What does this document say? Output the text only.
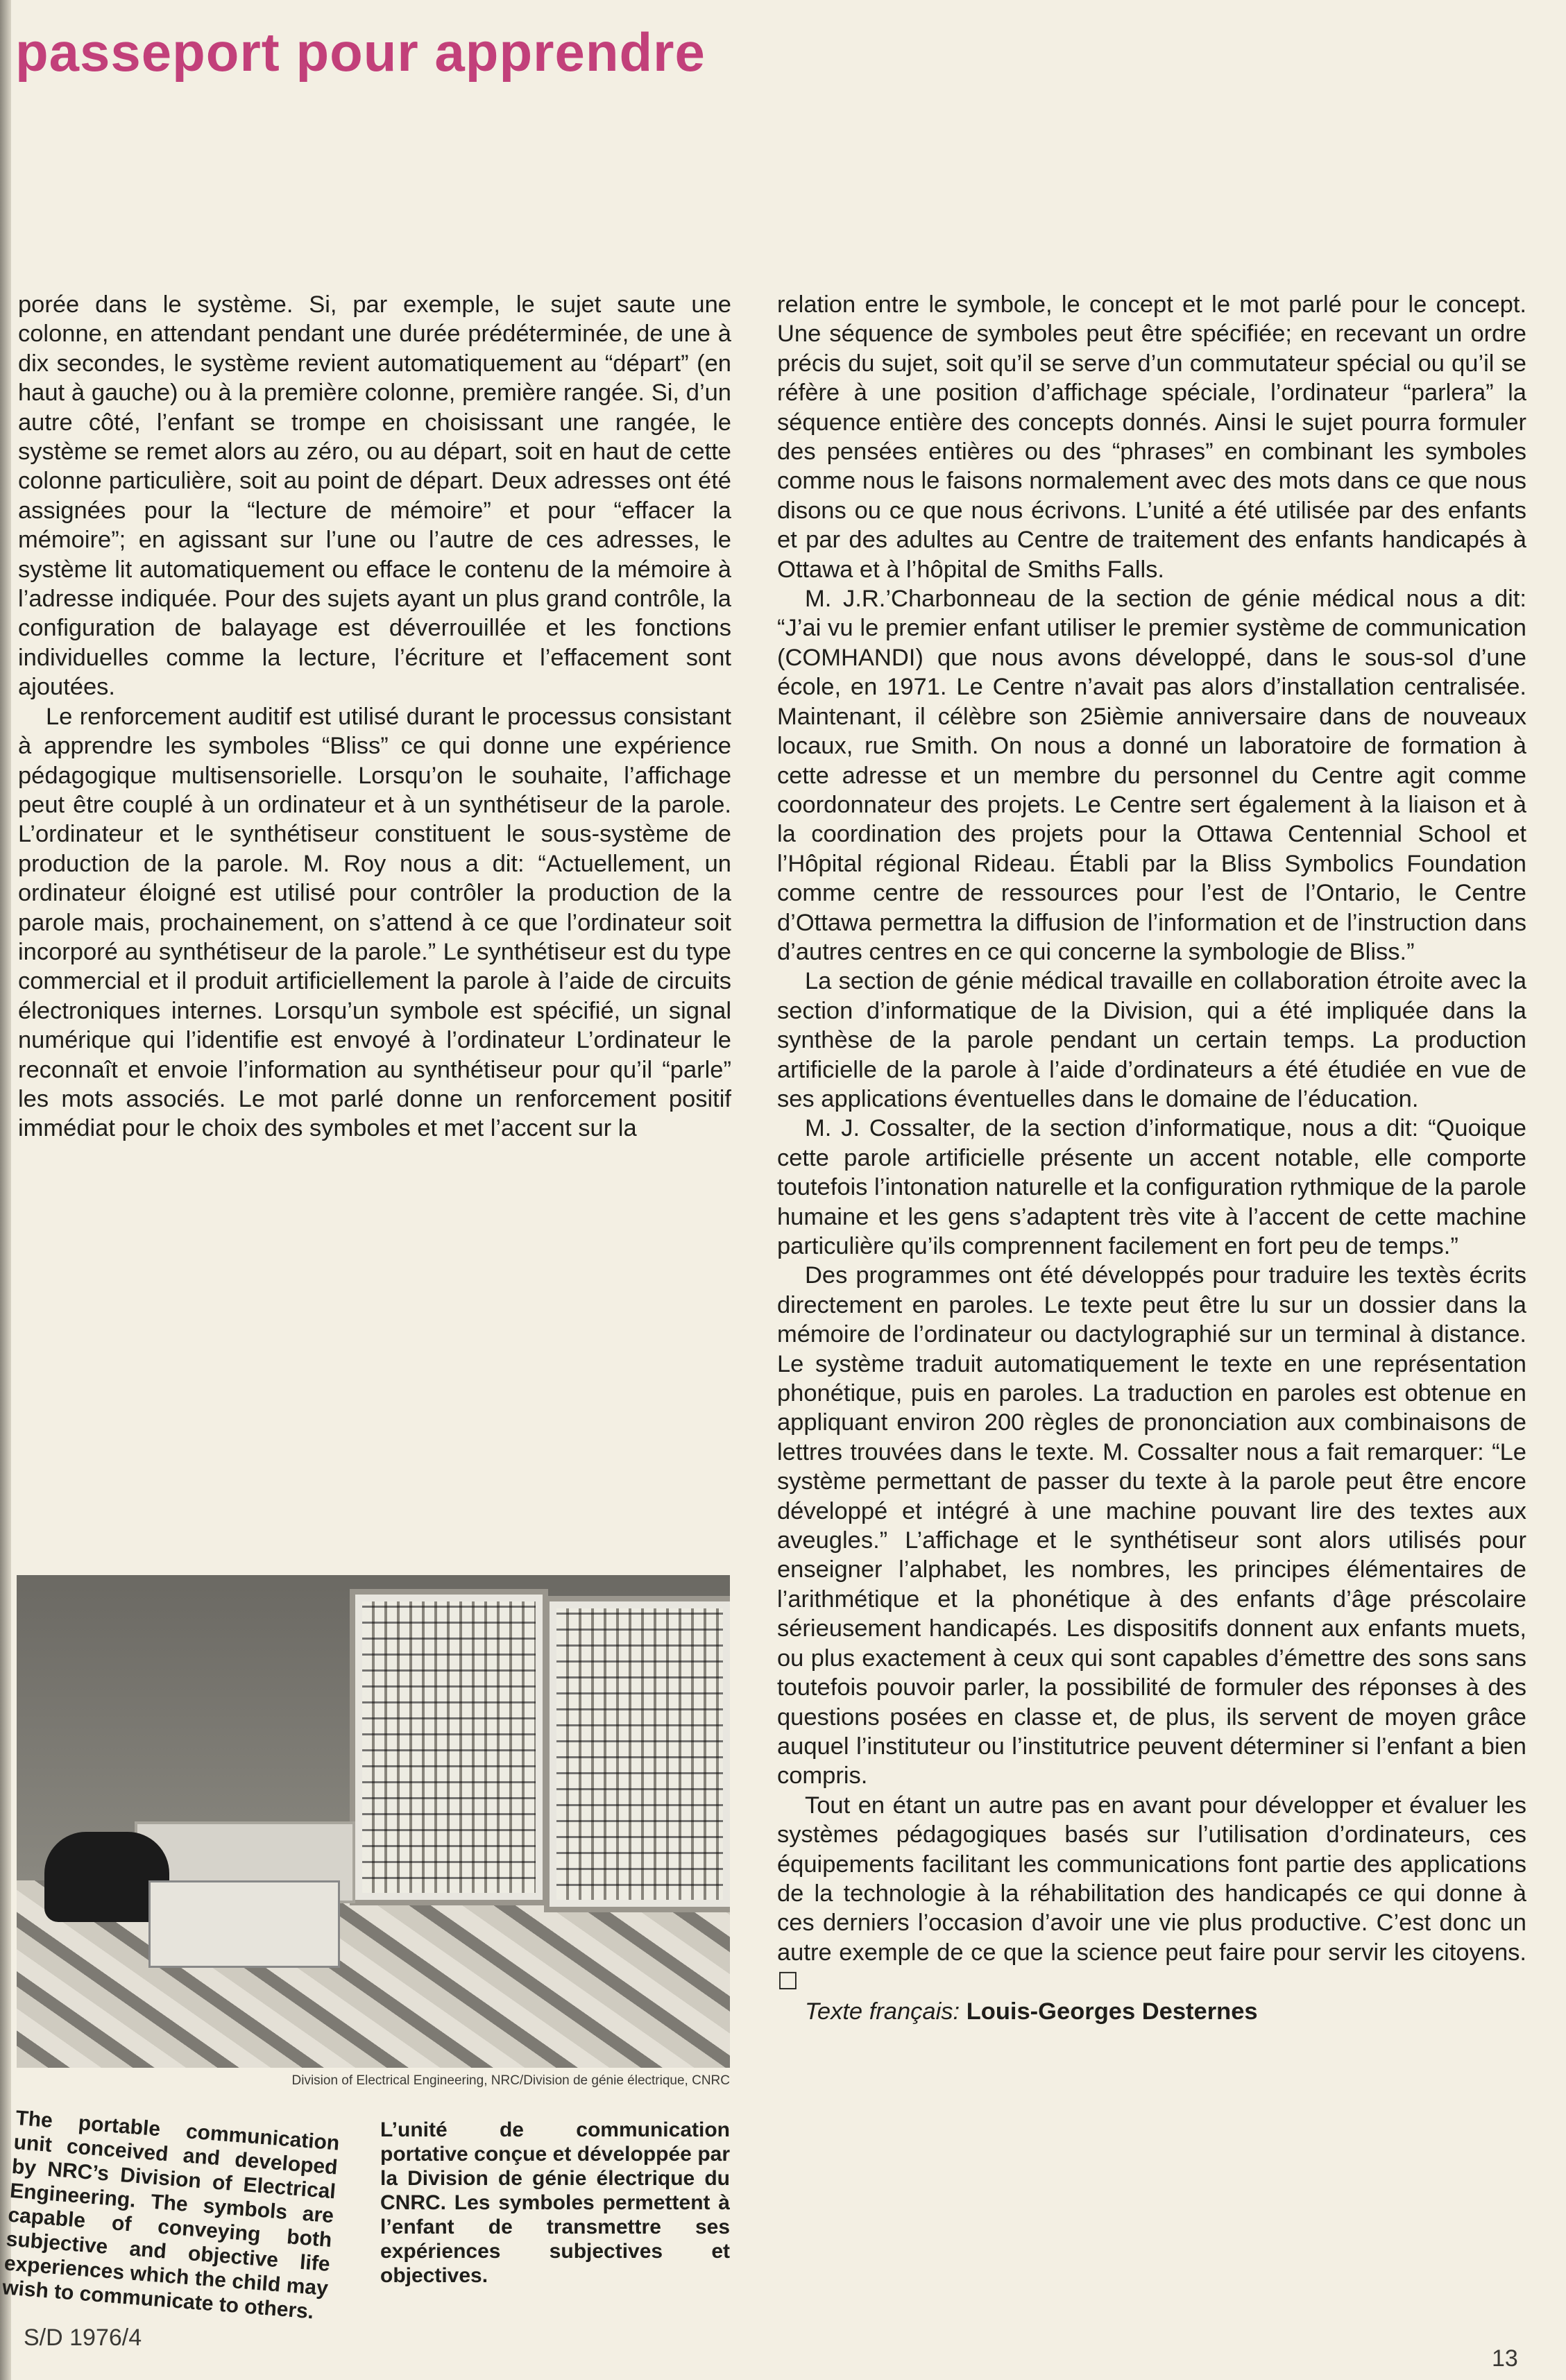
passeport pour apprendre

porée dans le système. Si, par exemple, le sujet saute une colonne, en attendant pendant une durée prédéterminée, de une à dix secondes, le système revient automatiquement au “départ” (en haut à gauche) ou à la première colonne, première rangée. Si, d’un autre côté, l’enfant se trompe en choisissant une rangée, le système se remet alors au zéro, ou au départ, soit en haut de cette colonne particulière, soit au point de départ. Deux adresses ont été assignées pour la “lecture de mémoire” et pour “effacer la mémoire”; en agissant sur l’une ou l’autre de ces adresses, le système lit automatiquement ou efface le contenu de la mémoire à l’adresse indiquée. Pour des sujets ayant un plus grand contrôle, la configuration de balayage est déverrouillée et les fonctions individuelles comme la lecture, l’écriture et l’effacement sont ajoutées.

Le renforcement auditif est utilisé durant le processus consistant à apprendre les symboles “Bliss” ce qui donne une expérience pédagogique multisensorielle. Lorsqu’on le souhaite, l’affichage peut être couplé à un ordinateur et à un synthétiseur de la parole. L’ordinateur et le synthétiseur constituent le sous-système de production de la parole. M. Roy nous a dit: “Actuellement, un ordinateur éloigné est utilisé pour contrôler la production de la parole mais, prochainement, on s’attend à ce que l’ordinateur soit incorporé au synthétiseur de la parole.” Le synthétiseur est du type commercial et il produit artificiellement la parole à l’aide de circuits électroniques internes. Lorsqu’un symbole est spécifié, un signal numérique qui l’identifie est envoyé à l’ordinateur L’ordinateur le reconnaît et envoie l’information au synthétiseur pour qu’il “parle” les mots associés. Le mot parlé donne un renforcement positif immédiat pour le choix des symboles et met l’accent sur la

relation entre le symbole, le concept et le mot parlé pour le concept. Une séquence de symboles peut être spécifiée; en recevant un ordre précis du sujet, soit qu’il se serve d’un commutateur spécial ou qu’il se réfère à une position d’affichage spéciale, l’ordinateur “parlera” la séquence entière des concepts donnés. Ainsi le sujet pourra formuler des pensées entières ou des “phrases” en combinant les symboles comme nous le faisons normalement avec des mots dans ce que nous disons ou ce que nous écrivons. L’unité a été utilisée par des enfants et par des adultes au Centre de traitement des enfants handicapés à Ottawa et à l’hôpital de Smiths Falls.

M. J.R.’Charbonneau de la section de génie médical nous a dit: “J’ai vu le premier enfant utiliser le premier système de communication (COMHANDI) que nous avons développé, dans le sous-sol d’une école, en 1971. Le Centre n’avait pas alors d’installation centralisée. Maintenant, il célèbre son 25ièmie anniversaire dans de nouveaux locaux, rue Smith. On nous a donné un laboratoire de formation à cette adresse et un membre du personnel du Centre agit comme coordonnateur des projets. Le Centre sert également à la liaison et à la coordination des projets pour la Ottawa Centennial School et l’Hôpital régional Rideau. Établi par la Bliss Symbolics Foundation comme centre de ressources pour l’est de l’Ontario, le Centre d’Ottawa permettra la diffusion de l’information et de l’instruction dans d’autres centres en ce qui concerne la symbologie de Bliss.”

La section de génie médical travaille en collaboration étroite avec la section d’informatique de la Division, qui a été impliquée dans la synthèse de la parole pendant un certain temps. La production artificielle de la parole à l’aide d’ordinateurs a été étudiée en vue de ses applications éventuelles dans le domaine de l’éducation.

M. J. Cossalter, de la section d’informatique, nous a dit: “Quoique cette parole artificielle présente un accent notable, elle comporte toutefois l’intonation naturelle et la configuration rythmique de la parole humaine et les gens s’adaptent très vite à l’accent de cette machine particulière qu’ils comprennent facilement en fort peu de temps.”

Des programmes ont été développés pour traduire les textès écrits directement en paroles. Le texte peut être lu sur un dossier dans la mémoire de l’ordinateur ou dactylographié sur un terminal à distance. Le système traduit automatiquement le texte en une représentation phonétique, puis en paroles. La traduction en paroles est obtenue en appliquant environ 200 règles de prononciation aux combinaisons de lettres trouvées dans le texte. M. Cossalter nous a fait remarquer: “Le système permettant de passer du texte à la parole peut être encore développé et intégré à une machine pouvant lire des textes aux aveugles.” L’affichage et le synthétiseur sont alors utilisés pour enseigner l’alphabet, les nombres, les principes élémentaires de l’arithmétique et la phonétique à des enfants d’âge préscolaire sérieusement handicapés. Les dispositifs donnent aux enfants muets, ou plus exactement à ceux qui sont capables d’émettre des sons sans toutefois pouvoir parler, la possibilité de formuler des réponses à des questions posées en classe et, de plus, ils servent de moyen grâce auquel l’instituteur ou l’institutrice peuvent déterminer si l’enfant a bien compris.

Tout en étant un autre pas en avant pour développer et évaluer les systèmes pédagogiques basés sur l’utilisation d’ordinateurs, ces équipements facilitant les communications font partie des applications de la technologie à la réhabilitation des handicapés ce qui donne à ces derniers l’occasion d’avoir une vie plus productive. C’est donc un autre exemple de ce que la science peut faire pour servir les citoyens. ☐

Texte français: Louis-Georges Desternes

Division of Electrical Engineering, NRC/Division de génie électrique, CNRC
The portable communication unit conceived and developed by NRC’s Division of Electrical Engineering. The symbols are capable of conveying both subjective and objective life experiences which the child may wish to communicate to others.
L’unité de communication portative conçue et développée par la Division de génie électrique du CNRC. Les symboles permettent à l’enfant de transmettre ses expériences subjectives et objectives.
S/D 1976/4
13
